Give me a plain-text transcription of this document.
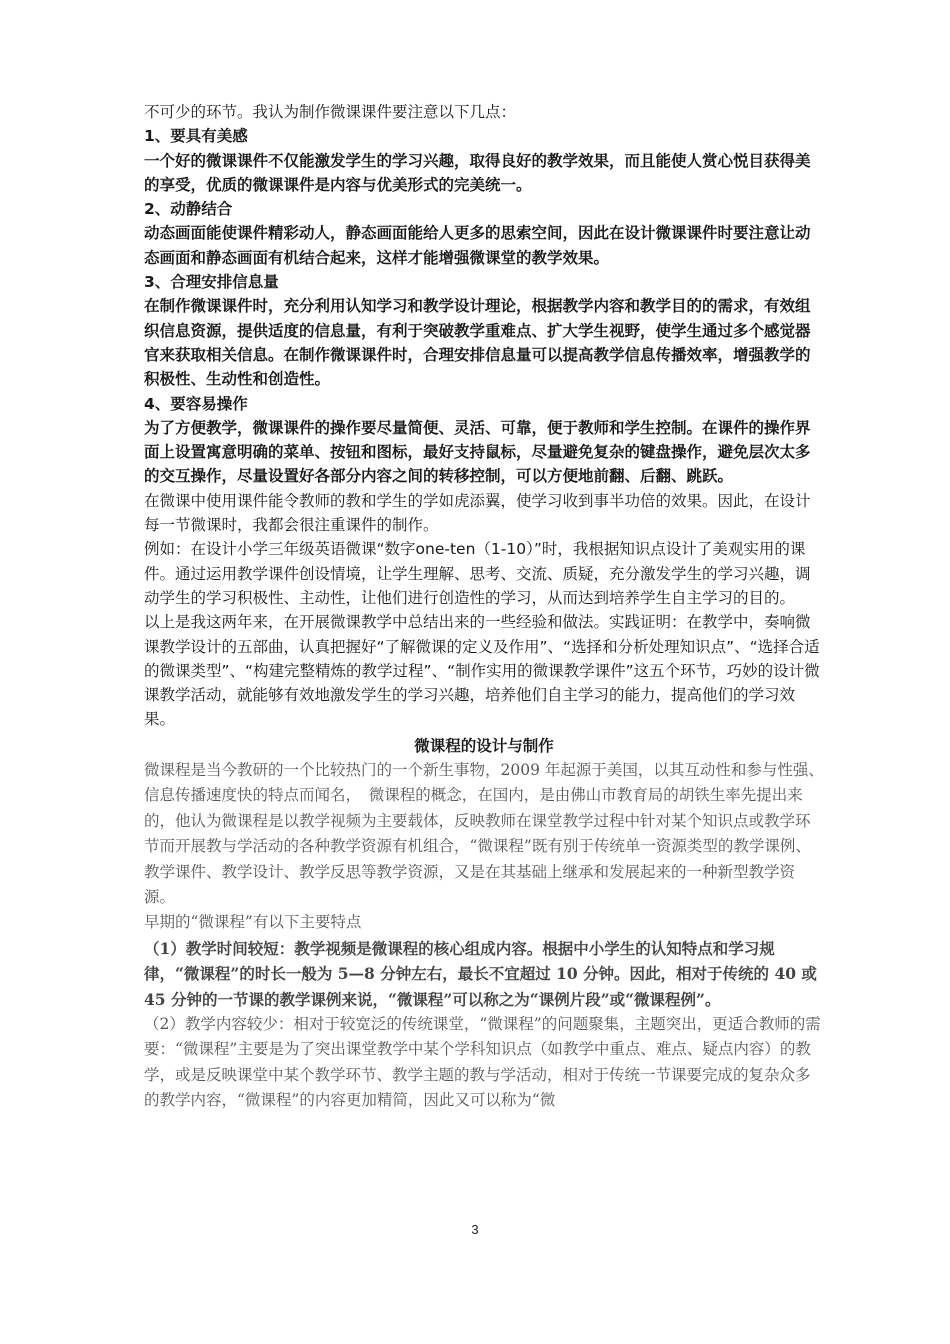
不可少的环节。我认为制作微课课件要注意以下几点：

1、要具有美感

一个好的微课课件不仅能激发学生的学习兴趣，取得良好的教学效果，而且能使人赏心悦目获得美的享受，优质的微课课件是内容与优美形式的完美统一。

2、动静结合

动态画面能使课件精彩动人，静态画面能给人更多的思索空间，因此在设计微课课件时要注意让动态画面和静态画面有机结合起来，这样才能增强微课堂的教学效果。

3、合理安排信息量

在制作微课课件时，充分利用认知学习和教学设计理论，根据教学内容和教学目的的需求，有效组织信息资源，提供适度的信息量，有利于突破教学重难点、扩大学生视野，使学生通过多个感觉器官来获取相关信息。在制作微课课件时，合理安排信息量可以提高教学信息传播效率，增强教学的积极性、生动性和创造性。

4、要容易操作

为了方便教学，微课课件的操作要尽量简便、灵活、可靠，便于教师和学生控制。在课件的操作界面上设置寓意明确的菜单、按钮和图标，最好支持鼠标，尽量避免复杂的键盘操作，避免层次太多的交互操作，尽量设置好各部分内容之间的转移控制，可以方便地前翻、后翻、跳跃。

在微课中使用课件能令教师的教和学生的学如虎添翼，使学习收到事半功倍的效果。因此，在设计每一节微课时，我都会很注重课件的制作。

例如：在设计小学三年级英语微课“数字one-ten（1-10）”时，我根据知识点设计了美观实用的课件。通过运用教学课件创设情境，让学生理解、思考、交流、质疑，充分激发学生的学习兴趣，调动学生的学习积极性、主动性，让他们进行创造性的学习，从而达到培养学生自主学习的目的。

以上是我这两年来，在开展微课教学中总结出来的一些经验和做法。实践证明：在教学中，奏响微课教学设计的五部曲，认真把握好“了解微课的定义及作用”、“选择和分析处理知识点”、“选择合适的微课类型”、“构建完整精炼的教学过程”、“制作实用的微课教学课件”这五个环节，巧妙的设计微课教学活动，就能够有效地激发学生的学习兴趣，培养他们自主学习的能力，提高他们的学习效果。

微课程的设计与制作

微课程是当今教研的一个比较热门的一个新生事物，2009 年起源于美国，以其互动性和参与性强、信息传播速度快的特点而闻名，　微课程的概念，在国内，是由佛山市教育局的胡铁生率先提出来的，他认为微课程是以教学视频为主要载体，反映教师在课堂教学过程中针对某个知识点或教学环节而开展教与学活动的各种教学资源有机组合，“微课程”既有别于传统单一资源类型的教学课例、教学课件、教学设计、教学反思等教学资源，又是在其基础上继承和发展起来的一种新型教学资源。

早期的“微课程”有以下主要特点

（1）教学时间较短：教学视频是微课程的核心组成内容。根据中小学生的认知特点和学习规律，“微课程”的时长一般为 5—8 分钟左右，最长不宜超过 10 分钟。因此，相对于传统的 40 或 45 分钟的一节课的教学课例来说，“微课程”可以称之为“课例片段”或“微课程例”。

（2）教学内容较少：相对于较宽泛的传统课堂，“微课程”的问题聚集，主题突出，更适合教师的需要：“微课程”主要是为了突出课堂教学中某个学科知识点（如教学中重点、难点、疑点内容）的教学，或是反映课堂中某个教学环节、教学主题的教与学活动，相对于传统一节课要完成的复杂众多的教学内容，“微课程”的内容更加精简，因此又可以称为“微

3
